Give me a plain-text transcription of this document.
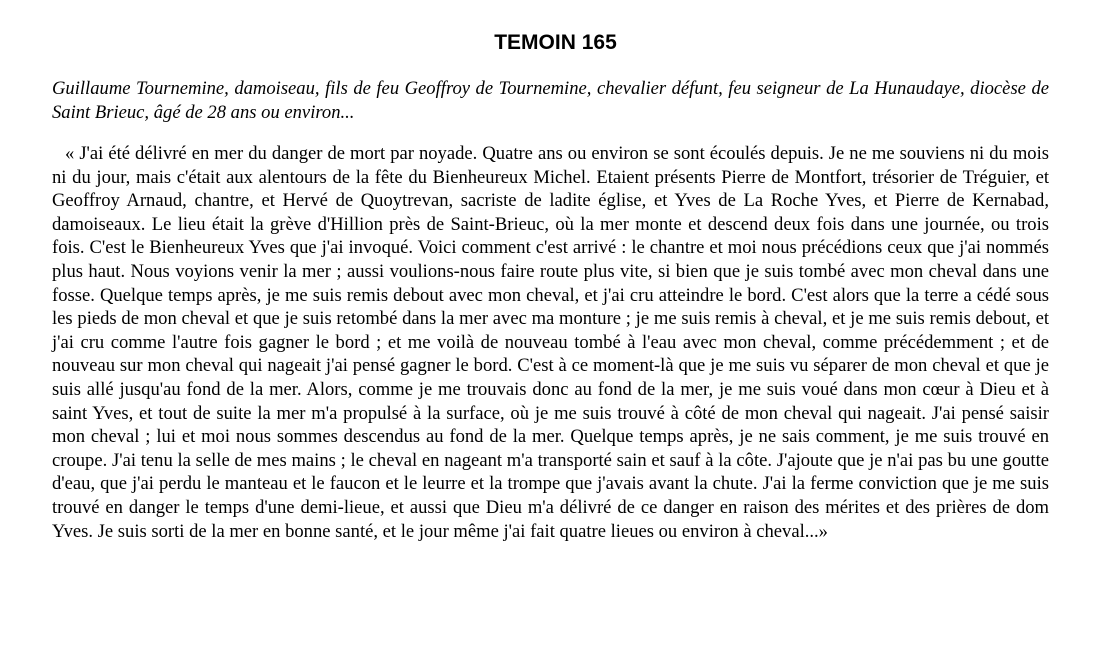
TEMOIN 165

Guillaume Tournemine, damoiseau, fils de feu Geoffroy de Tournemine, chevalier défunt, feu seigneur de La Hunaudaye, diocèse de Saint Brieuc, âgé de 28 ans ou environ...

« J'ai été délivré en mer du danger de mort par noyade. Quatre ans ou environ se sont écoulés depuis. Je ne me souviens ni du mois ni du jour, mais c'était aux alentours de la fête du Bienheureux Michel. Etaient présents Pierre de Montfort, trésorier de Tréguier, et Geoffroy Arnaud, chantre, et Hervé de Quoytrevan, sacriste de ladite église, et Yves de La Roche Yves, et Pierre de Kernabad, damoiseaux. Le lieu était la grève d'Hillion près de Saint-Brieuc, où la mer monte et descend deux fois dans une journée, ou trois fois. C'est le Bienheureux Yves que j'ai invoqué. Voici comment c'est arrivé : le chantre et moi nous précédions ceux que j'ai nommés plus haut. Nous voyions venir la mer ; aussi voulions-nous faire route plus vite, si bien que je suis tombé avec mon cheval dans une fosse. Quelque temps après, je me suis remis debout avec mon cheval, et j'ai cru atteindre le bord. C'est alors que la terre a cédé sous les pieds de mon cheval et que je suis retombé dans la mer avec ma monture ; je me suis remis à cheval, et je me suis remis debout, et j'ai cru comme l'autre fois gagner le bord ; et me voilà de nouveau tombé à l'eau avec mon cheval, comme précédemment ; et de nouveau sur mon cheval qui nageait j'ai pensé gagner le bord. C'est à ce moment-là que je me suis vu séparer de mon cheval et que je suis allé jusqu'au fond de la mer. Alors, comme je me trouvais donc au fond de la mer, je me suis voué dans mon cœur à Dieu et à saint Yves, et tout de suite la mer m'a propulsé à la surface, où je me suis trouvé à côté de mon cheval qui nageait. J'ai pensé saisir mon cheval ; lui et moi nous sommes descendus au fond de la mer. Quelque temps après, je ne sais comment, je me suis trouvé en croupe. J'ai tenu la selle de mes mains ; le cheval en nageant m'a transporté sain et sauf à la côte. J'ajoute que je n'ai pas bu une goutte d'eau, que j'ai perdu le manteau et le faucon et le leurre et la trompe que j'avais avant la chute. J'ai la ferme conviction que je me suis trouvé en danger le temps d'une demi-lieue, et aussi que Dieu m'a délivré de ce danger en raison des mérites et des prières de dom Yves. Je suis sorti de la mer en bonne santé, et le jour même j'ai fait quatre lieues ou environ à cheval...»
